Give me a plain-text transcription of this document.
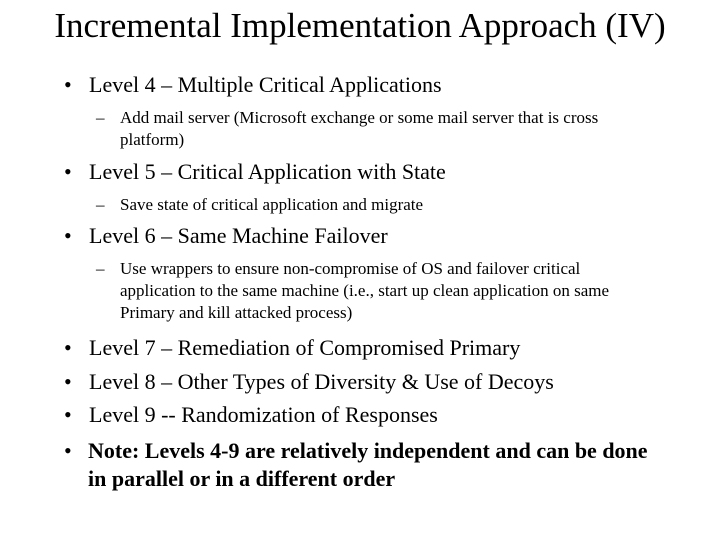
Incremental Implementation Approach (IV)
• Level 4 – Multiple Critical Applications
– Add mail server (Microsoft exchange or some mail server that is cross platform)
• Level 5 – Critical Application with State
– Save state of critical application and migrate
• Level 6 – Same Machine Failover
– Use wrappers to ensure non-compromise of OS and failover critical application to the same machine (i.e., start up clean application on same Primary and kill attacked process)
• Level 7 – Remediation of Compromised Primary
• Level 8 – Other Types of Diversity & Use of Decoys
• Level 9 -- Randomization of Responses
• Note: Levels 4-9 are relatively independent and can be done in parallel or in a different order
